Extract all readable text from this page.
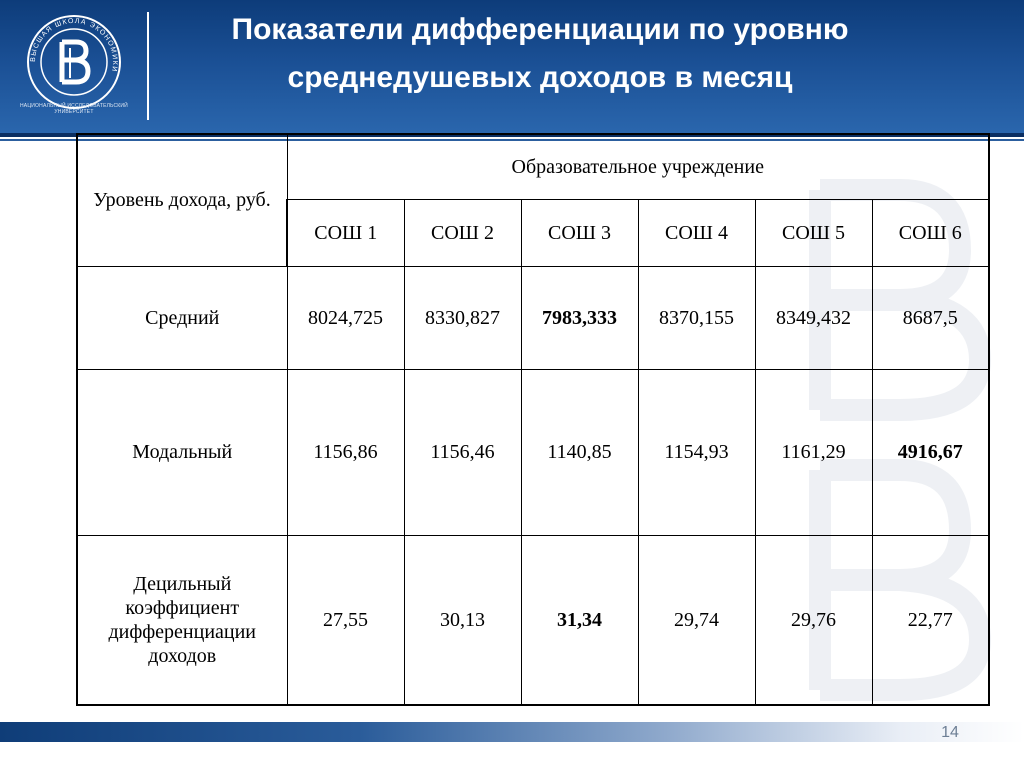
ВЫСШАЯ ШКОЛА ЭКОНОМИКИ
НАЦИОНАЛЬНЫЙ ИССЛЕДОВАТЕЛЬСКИЙ УНИВЕРСИТЕТ
Показатели дифференциации по уровню
среднедушевых доходов в месяц
Уровень дохода, руб.	Образовательное учреждение					
	СОШ 1	СОШ 2	СОШ 3	СОШ 4	СОШ 5	СОШ 6
Средний	8024,725	8330,827	7983,333	8370,155	8349,432	8687,5
Модальный	1156,86	1156,46	1140,85	1154,93	1161,29	4916,67
Децильный коэффициент дифференциации доходов	27,55	30,13	31,34	29,74	29,76	22,77
14
